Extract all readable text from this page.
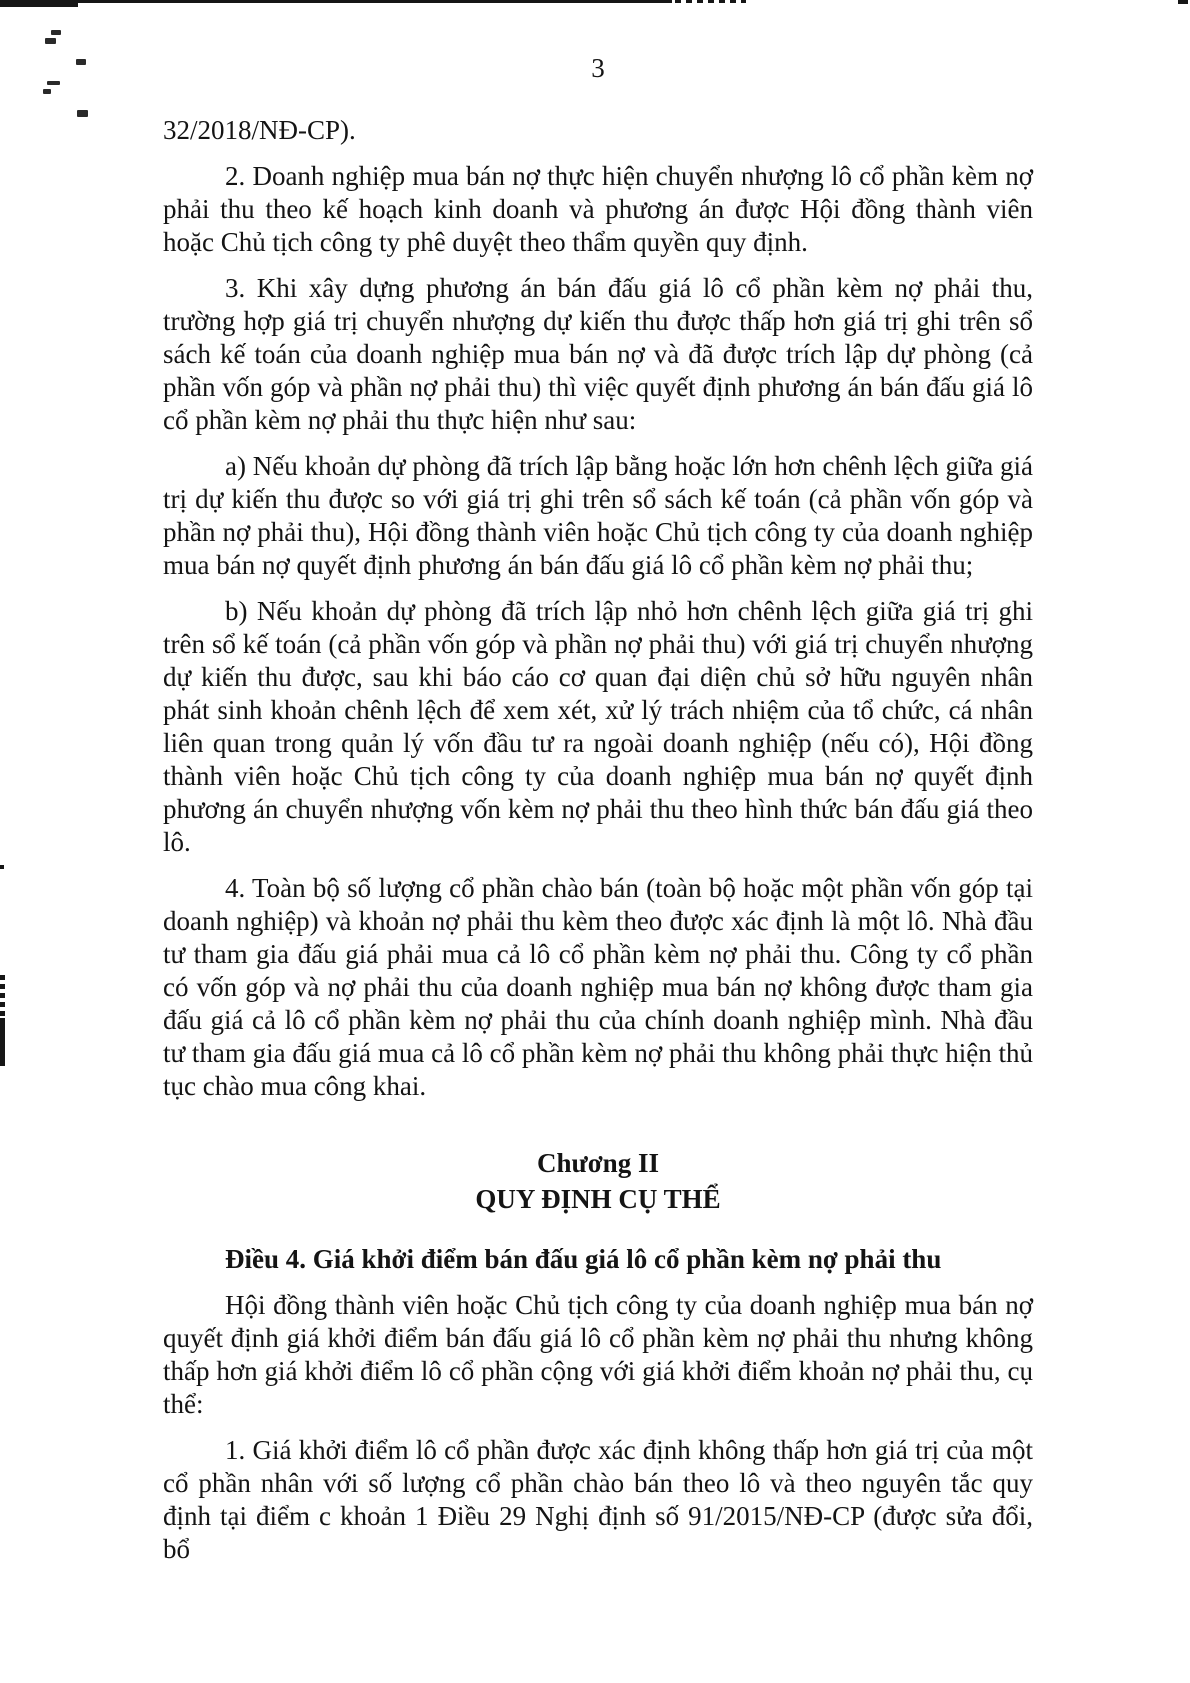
3

32/2018/NĐ-CP).

2. Doanh nghiệp mua bán nợ thực hiện chuyển nhượng lô cổ phần kèm nợ phải thu theo kế hoạch kinh doanh và phương án được Hội đồng thành viên hoặc Chủ tịch công ty phê duyệt theo thẩm quyền quy định.

3. Khi xây dựng phương án bán đấu giá lô cổ phần kèm nợ phải thu, trường hợp giá trị chuyển nhượng dự kiến thu được thấp hơn giá trị ghi trên sổ sách kế toán của doanh nghiệp mua bán nợ và đã được trích lập dự phòng (cả phần vốn góp và phần nợ phải thu) thì việc quyết định phương án bán đấu giá lô cổ phần kèm nợ phải thu thực hiện như sau:

a) Nếu khoản dự phòng đã trích lập bằng hoặc lớn hơn chênh lệch giữa giá trị dự kiến thu được so với giá trị ghi trên sổ sách kế toán (cả phần vốn góp và phần nợ phải thu), Hội đồng thành viên hoặc Chủ tịch công ty của doanh nghiệp mua bán nợ quyết định phương án bán đấu giá lô cổ phần kèm nợ phải thu;

b) Nếu khoản dự phòng đã trích lập nhỏ hơn chênh lệch giữa giá trị ghi trên sổ kế toán (cả phần vốn góp và phần nợ phải thu) với giá trị chuyển nhượng dự kiến thu được, sau khi báo cáo cơ quan đại diện chủ sở hữu nguyên nhân phát sinh khoản chênh lệch để xem xét, xử lý trách nhiệm của tổ chức, cá nhân liên quan trong quản lý vốn đầu tư ra ngoài doanh nghiệp (nếu có), Hội đồng thành viên hoặc Chủ tịch công ty của doanh nghiệp mua bán nợ quyết định phương án chuyển nhượng vốn kèm nợ phải thu theo hình thức bán đấu giá theo lô.

4. Toàn bộ số lượng cổ phần chào bán (toàn bộ hoặc một phần vốn góp tại doanh nghiệp) và khoản nợ phải thu kèm theo được xác định là một lô. Nhà đầu tư tham gia đấu giá phải mua cả lô cổ phần kèm nợ phải thu. Công ty cổ phần có vốn góp và nợ phải thu của doanh nghiệp mua bán nợ không được tham gia đấu giá cả lô cổ phần kèm nợ phải thu của chính doanh nghiệp mình. Nhà đầu tư tham gia đấu giá mua cả lô cổ phần kèm nợ phải thu không phải thực hiện thủ tục chào mua công khai.

Chương II
QUY ĐỊNH CỤ THỂ

Điều 4. Giá khởi điểm bán đấu giá lô cổ phần kèm nợ phải thu

Hội đồng thành viên hoặc Chủ tịch công ty của doanh nghiệp mua bán nợ quyết định giá khởi điểm bán đấu giá lô cổ phần kèm nợ phải thu nhưng không thấp hơn giá khởi điểm lô cổ phần cộng với giá khởi điểm khoản nợ phải thu, cụ thể:

1. Giá khởi điểm lô cổ phần được xác định không thấp hơn giá trị của một cổ phần nhân với số lượng cổ phần chào bán theo lô và theo nguyên tắc quy định tại điểm c khoản 1 Điều 29 Nghị định số 91/2015/NĐ-CP (được sửa đổi, bổ
